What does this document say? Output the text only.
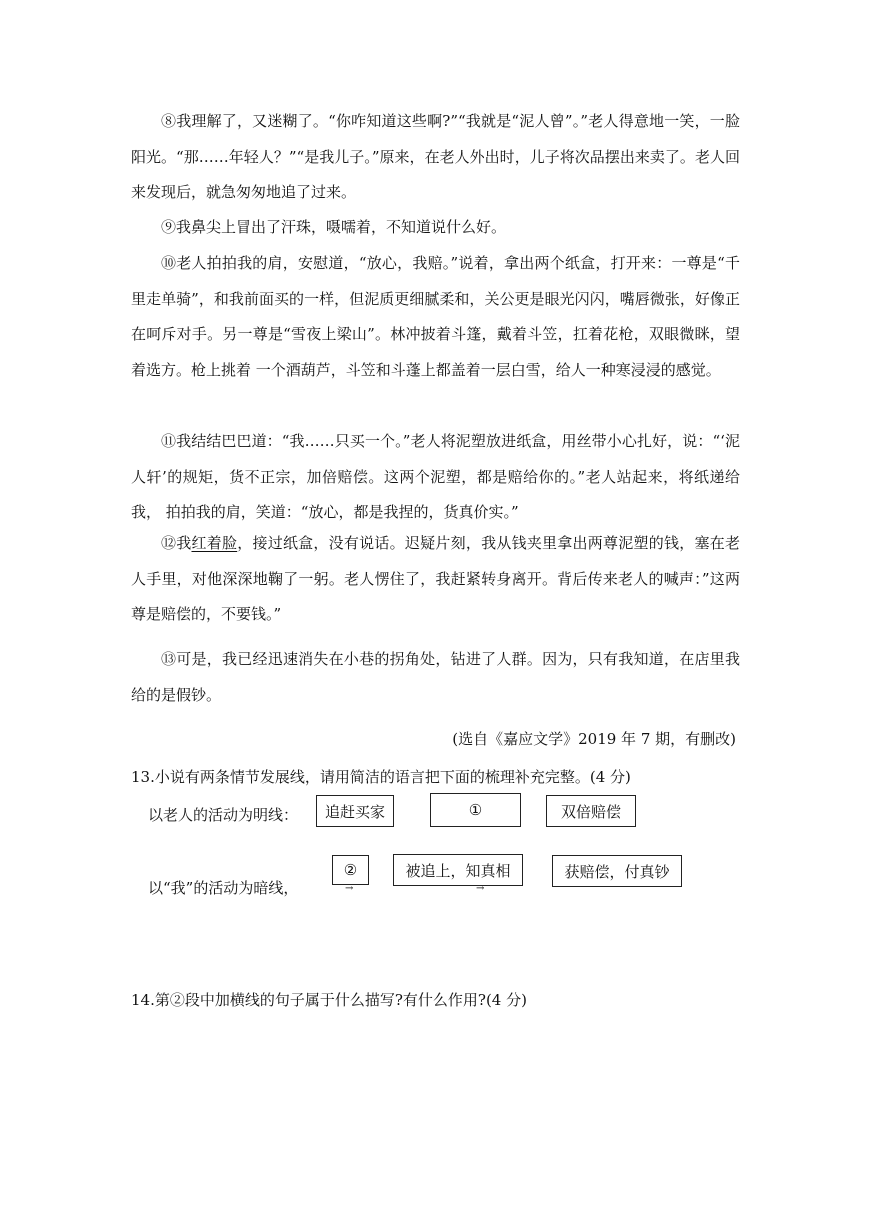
⑧我理解了，又迷糊了。“你咋知道这些啊?”“我就是“泥人曾”。”老人得意地一笑，一脸阳光。“那……年轻人？”“是我儿子。”原来，在老人外出时，儿子将次品摆出来卖了。老人回来发现后，就急匆匆地追了过来。

⑨我鼻尖上冒出了汗珠，嗫嚅着，不知道说什么好。

⑩老人拍拍我的肩，安慰道，“放心，我赔。”说着，拿出两个纸盒，打开来：一尊是“千里走单骑”，和我前面买的一样，但泥质更细腻柔和，关公更是眼光闪闪，嘴唇微张，好像正在呵斥对手。另一尊是“雪夜上梁山”。林冲披着斗篷，戴着斗笠，扛着花枪，双眼微眯，望着选方。枪上挑着 一个酒葫芦，斗笠和斗蓬上都盖着一层白雪，给人一种寒浸浸的感觉。

⑪我结结巴巴道：“我……只买一个。”老人将泥塑放进纸盒，用丝带小心扎好，说：“‘泥人轩’的规矩，货不正宗，加倍赔偿。这两个泥塑，都是赔给你的。”老人站起来，将纸递给我， 拍拍我的肩，笑道：“放心，都是我捏的，货真价实。”

⑫我红着脸，接过纸盒，没有说话。迟疑片刻，我从钱夹里拿出两尊泥塑的钱，塞在老人手里，对他深深地鞠了一躬。老人愣住了，我赶紧转身离开。背后传来老人的喊声：”这两尊是赔偿的，不要钱。”

⑬可是，我已经迅速消失在小巷的拐角处，钻进了人群。因为，只有我知道，在店里我给的是假钞。

(选自《嘉应文学》2019 年 7 期，有删改)

13.小说有两条情节发展线，请用简洁的语言把下面的梳理补充完整。(4 分)

以老人的活动为明线：	追赶买家	①	双倍赔偿

以“我”的活动为暗线，

②
→
被追上，知真相
→
获赔偿，付真钞

14.第②段中加横线的句子属于什么描写?有什么作用?(4 分)
